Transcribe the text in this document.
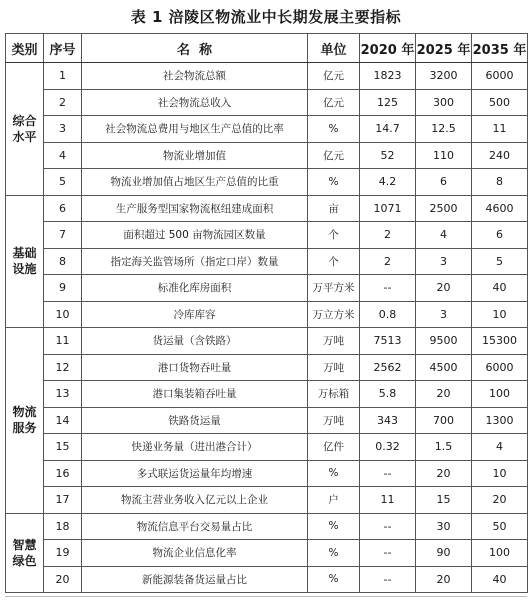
表 1 涪陵区物流业中长期发展主要指标
类别	序号	名  称	单位	2020 年	2025 年	2035 年
综合
水平	1	社会物流总额	亿元	1823	3200	6000
	2	社会物流总收入	亿元	125	300	500
	3	社会物流总费用与地区生产总值的比率	%	14.7	12.5	11
	4	物流业增加值	亿元	52	110	240
	5	物流业增加值占地区生产总值的比重	%	4.2	6	8
基础
设施	6	生产服务型国家物流枢纽建成面积	亩	1071	2500	4600
	7	面积超过 500 亩物流园区数量	个	2	4	6
	8	指定海关监管场所（指定口岸）数量	个	2	3	5
	9	标准化库房面积	万平方米	--	20	40
	10	冷库库容	万立方米	0.8	3	10
物流
服务	11	货运量（含铁路）	万吨	7513	9500	15300
	12	港口货物吞吐量	万吨	2562	4500	6000
	13	港口集装箱吞吐量	万标箱	5.8	20	100
	14	铁路货运量	万吨	343	700	1300
	15	快递业务量（进出港合计）	亿件	0.32	1.5	4
	16	多式联运货运量年均增速	%	--	20	10
	17	物流主营业务收入亿元以上企业	户	11	15	20
智慧
绿色	18	物流信息平台交易量占比	%	--	30	50
	19	物流企业信息化率	%	--	90	100
	20	新能源装备货运量占比	%	--	20	40
